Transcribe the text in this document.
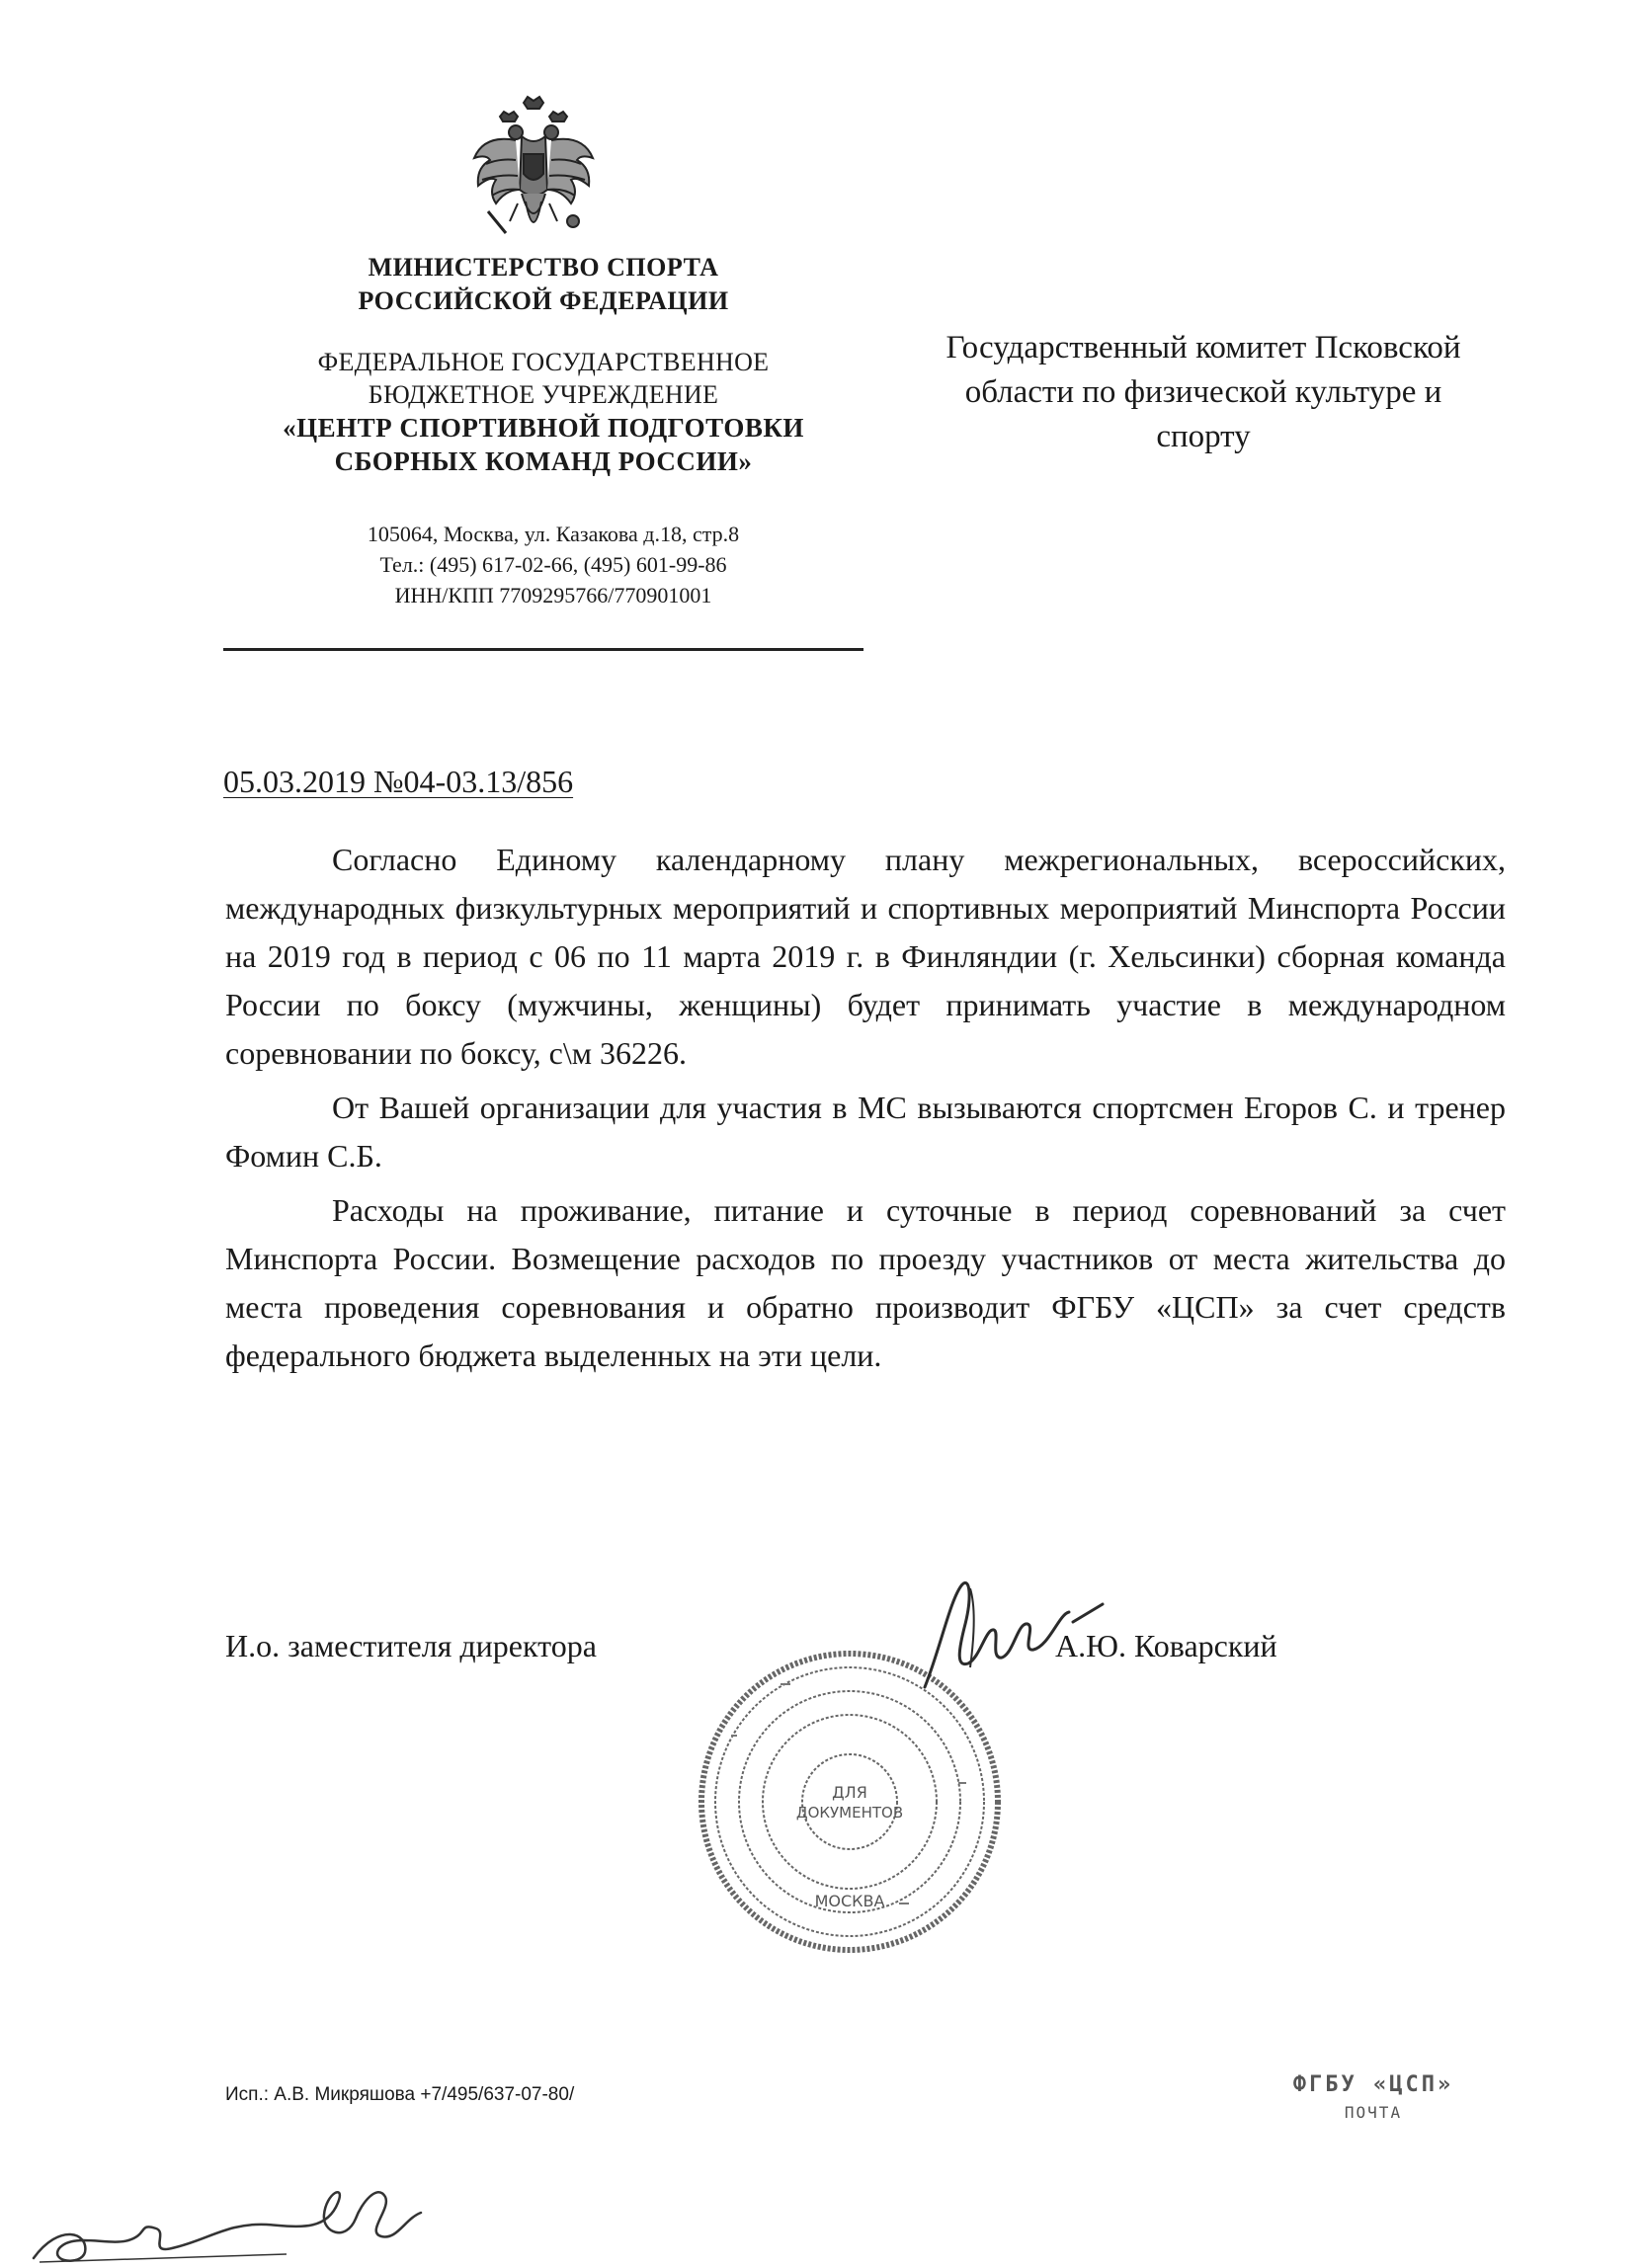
МИНИСТЕРСТВО СПОРТА
РОССИЙСКОЙ ФЕДЕРАЦИИ
ФЕДЕРАЛЬНОЕ ГОСУДАРСТВЕННОЕ
БЮДЖЕТНОЕ УЧРЕЖДЕНИЕ
«ЦЕНТР СПОРТИВНОЙ ПОДГОТОВКИ
СБОРНЫХ КОМАНД РОССИИ»
105064, Москва, ул. Казакова д.18, стр.8
Тел.: (495) 617-02-66, (495) 601-99-86
ИНН/КПП 7709295766/770901001
Государственный комитет Псковской
области по физической культуре и
спорту
05.03.2019 №04-03.13/856

Согласно Единому календарному плану межрегиональных, всероссийских, международных физкультурных мероприятий и спортивных мероприятий Минспорта России на 2019 год в период с 06 по 11 марта 2019 г. в Финляндии (г. Хельсинки) сборная команда России по боксу (мужчины, женщины) будет принимать участие в международном соревновании по боксу, с\м 36226.

От Вашей организации для участия в МС вызываются спортсмен Егоров С. и тренер Фомин С.Б.

Расходы на проживание, питание и суточные в период соревнований за счет Минспорта России. Возмещение расходов по проезду участников от места жительства до места проведения соревнования и обратно производит ФГБУ «ЦСП» за счет средств федерального бюджета выделенных на эти цели.

ДЛЯ
ДОКУМЕНТОВ
МОСКВА
И.о. заместителя директора	А.Ю. Коварский
Исп.: А.В. Микряшова +7/495/637-07-80/	ФГБУ «ЦСП»
ПОЧТА
